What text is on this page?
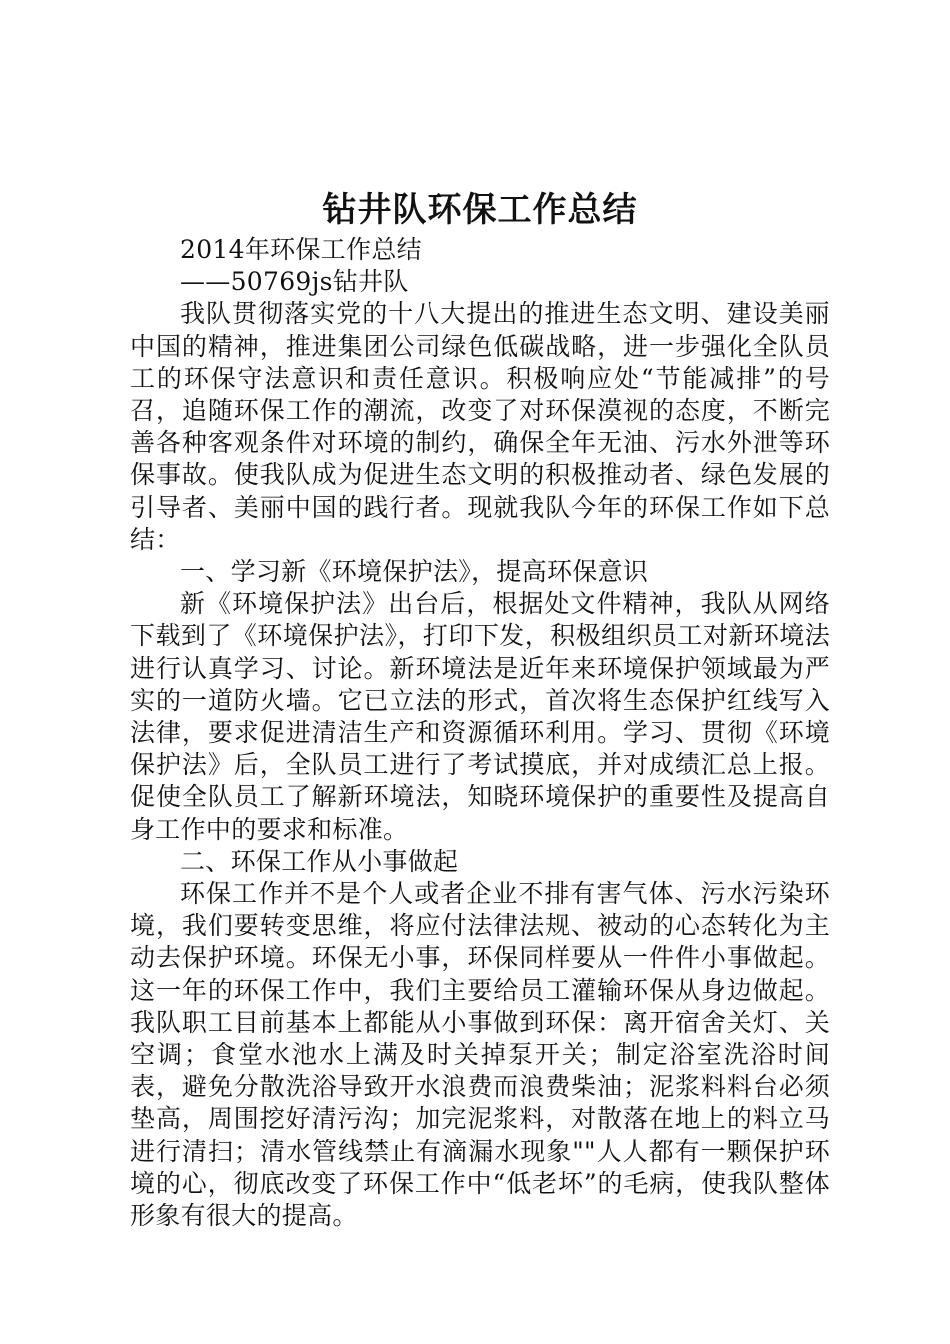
钻井队环保工作总结

2014年环保工作总结

——50769js钻井队

我队贯彻落实党的十八大提出的推进生态文明、建设美丽中国的精神，推进集团公司绿色低碳战略，进一步强化全队员工的环保守法意识和责任意识。积极响应处“节能减排”的号召，追随环保工作的潮流，改变了对环保漠视的态度，不断完善各种客观条件对环境的制约，确保全年无油、污水外泄等环保事故。使我队成为促进生态文明的积极推动者、绿色发展的引导者、美丽中国的践行者。现就我队今年的环保工作如下总结：

一、学习新《环境保护法》，提高环保意识

新《环境保护法》出台后，根据处文件精神，我队从网络下载到了《环境保护法》，打印下发，积极组织员工对新环境法进行认真学习、讨论。新环境法是近年来环境保护领域最为严实的一道防火墙。它已立法的形式，首次将生态保护红线写入法律，要求促进清洁生产和资源循环利用。学习、贯彻《环境保护法》后，全队员工进行了考试摸底，并对成绩汇总上报。促使全队员工了解新环境法，知晓环境保护的重要性及提高自身工作中的要求和标准。

二、环保工作从小事做起

环保工作并不是个人或者企业不排有害气体、污水污染环境，我们要转变思维，将应付法律法规、被动的心态转化为主动去保护环境。环保无小事，环保同样要从一件件小事做起。这一年的环保工作中，我们主要给员工灌输环保从身边做起。我队职工目前基本上都能从小事做到环保：离开宿舍关灯、关空调；食堂水池水上满及时关掉泵开关；制定浴室洗浴时间表，避免分散洗浴导致开水浪费而浪费柴油；泥浆料料台必须垫高，周围挖好清污沟；加完泥浆料，对散落在地上的料立马进行清扫；清水管线禁止有滴漏水现象""人人都有一颗保护环境的心，彻底改变了环保工作中“低老坏”的毛病，使我队整体形象有很大的提高。
